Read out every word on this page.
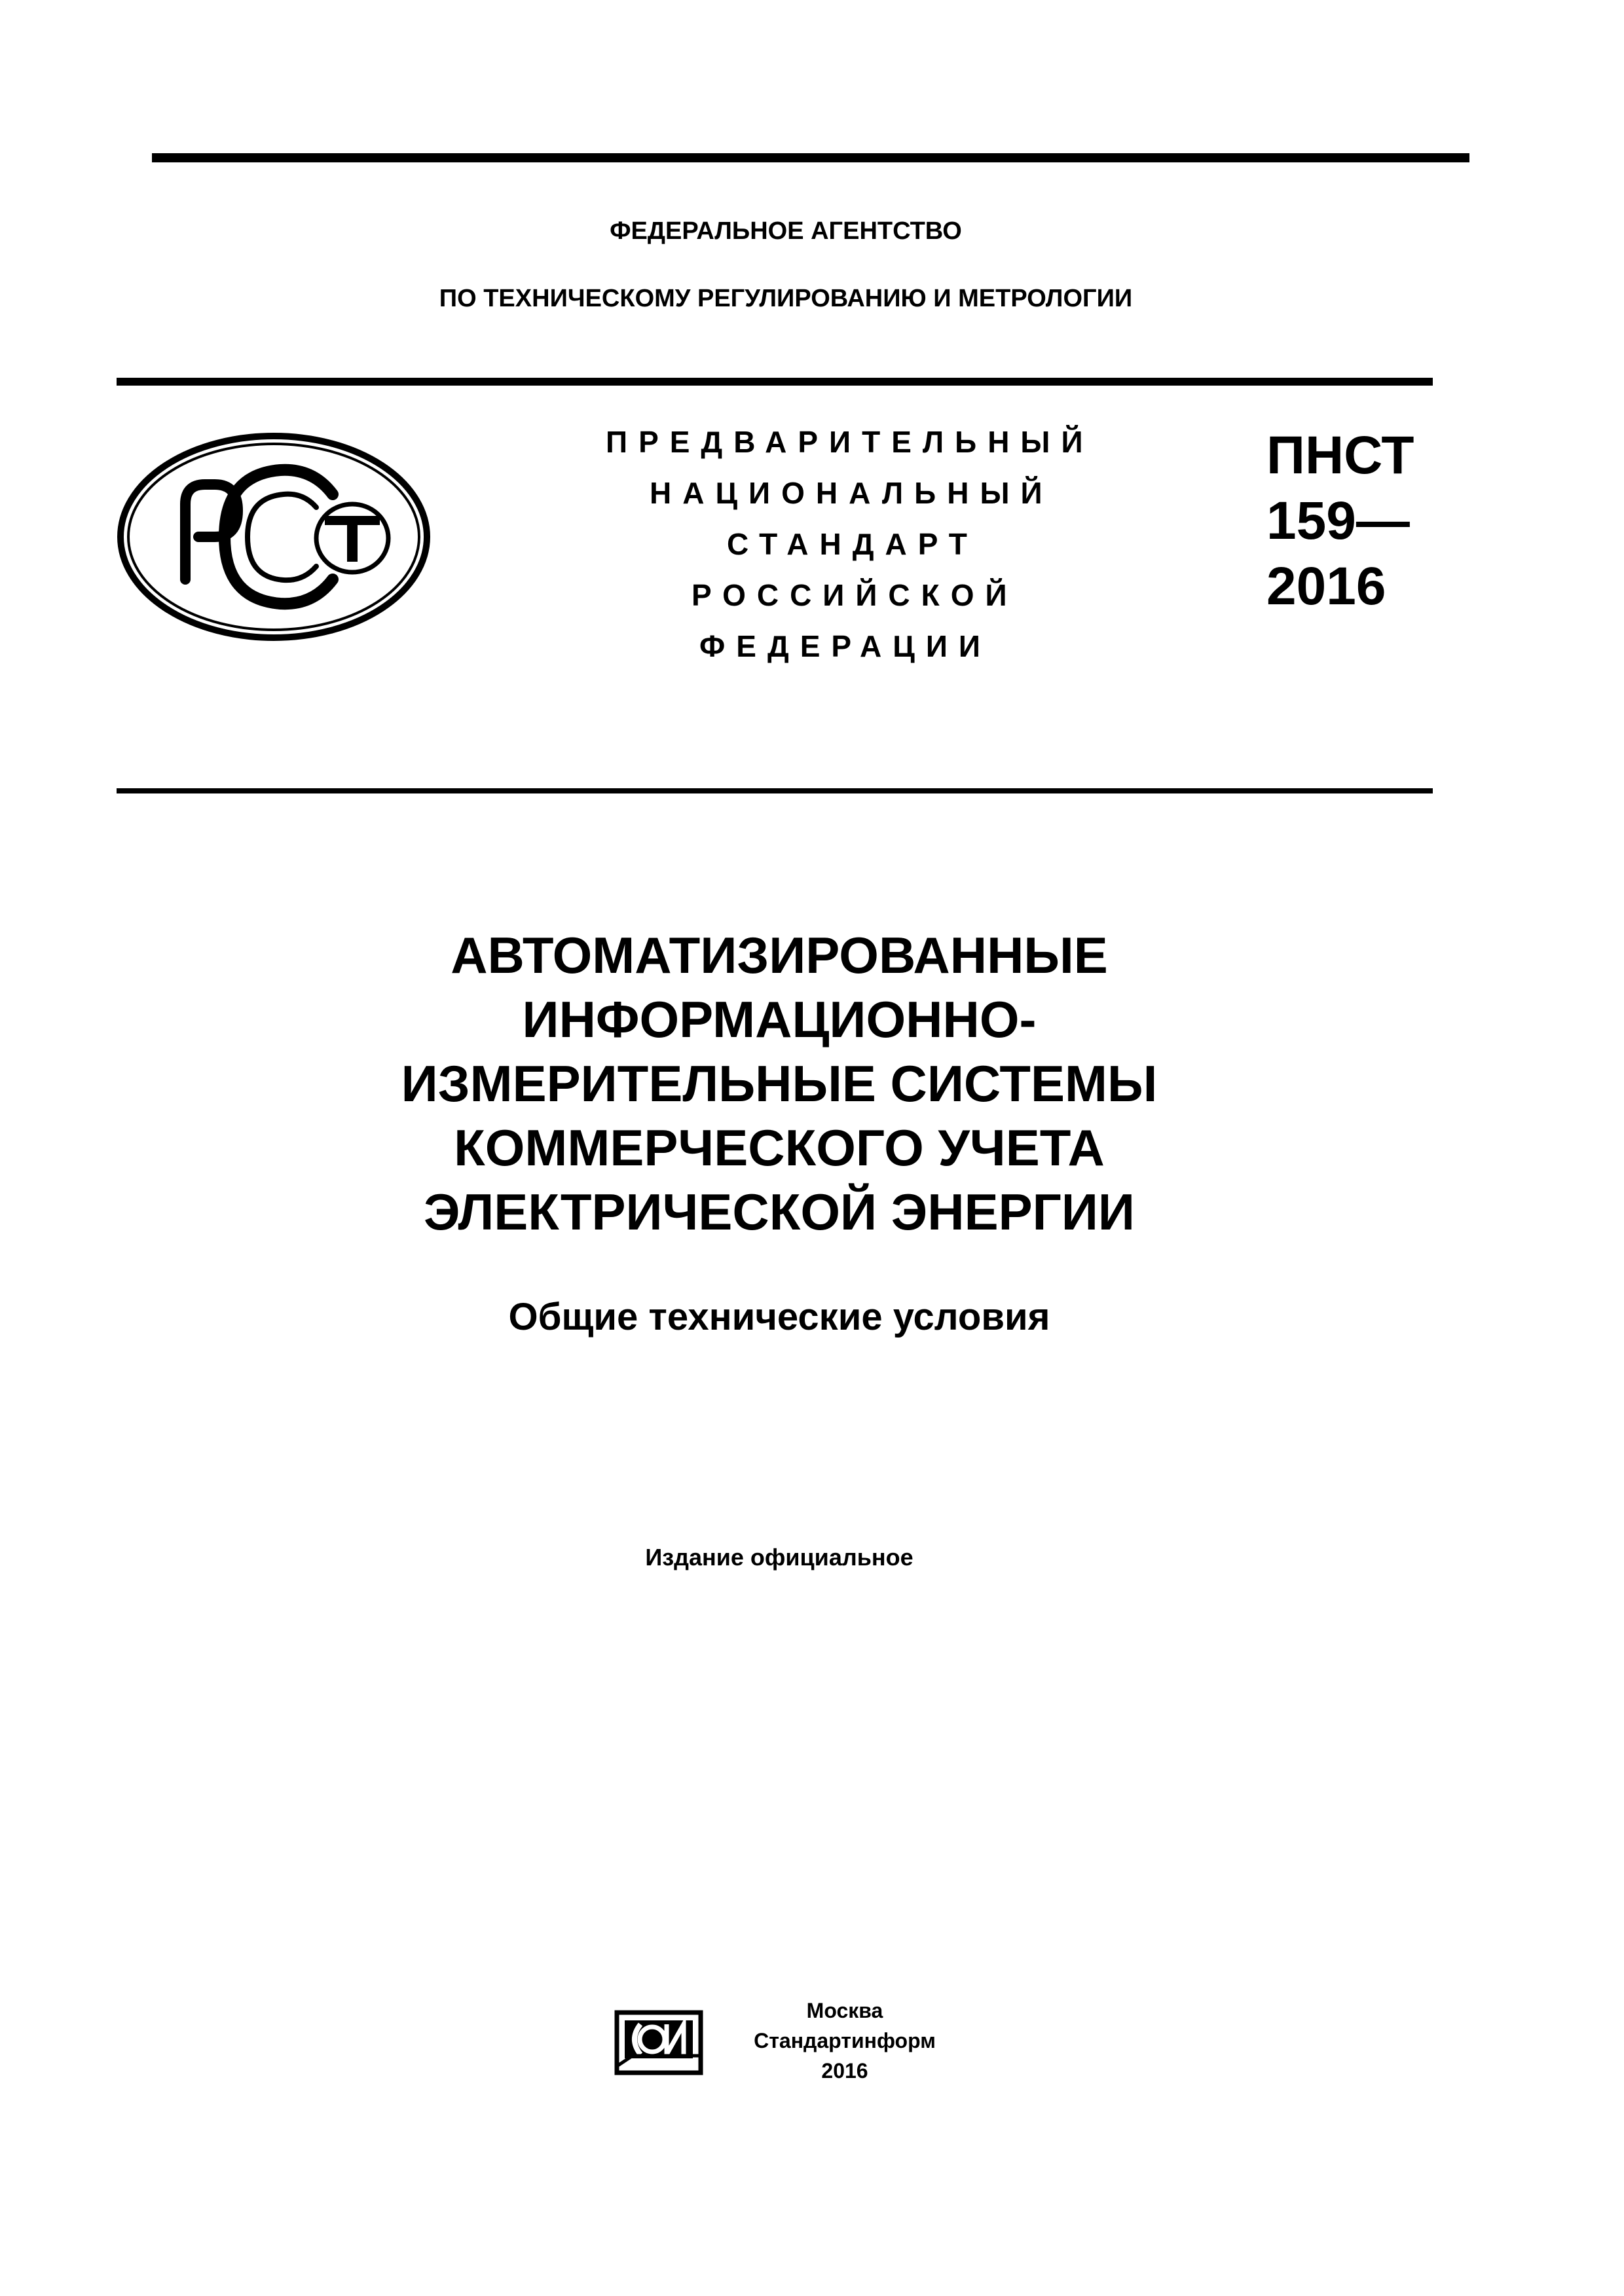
ФЕДЕРАЛЬНОЕ АГЕНТСТВО
ПО ТЕХНИЧЕСКОМУ РЕГУЛИРОВАНИЮ И МЕТРОЛОГИИ
ПРЕДВАРИТЕЛЬНЫЙ
НАЦИОНАЛЬНЫЙ
СТАНДАРТ
РОССИЙСКОЙ
ФЕДЕРАЦИИ
ПНСТ
159—
2016
АВТОМАТИЗИРОВАННЫЕ
ИНФОРМАЦИОННО-
ИЗМЕРИТЕЛЬНЫЕ СИСТЕМЫ
КОММЕРЧЕСКОГО УЧЕТА
ЭЛЕКТРИЧЕСКОЙ ЭНЕРГИИ
Общие технические условия
Издание официальное
Москва
Стандартинформ
2016
